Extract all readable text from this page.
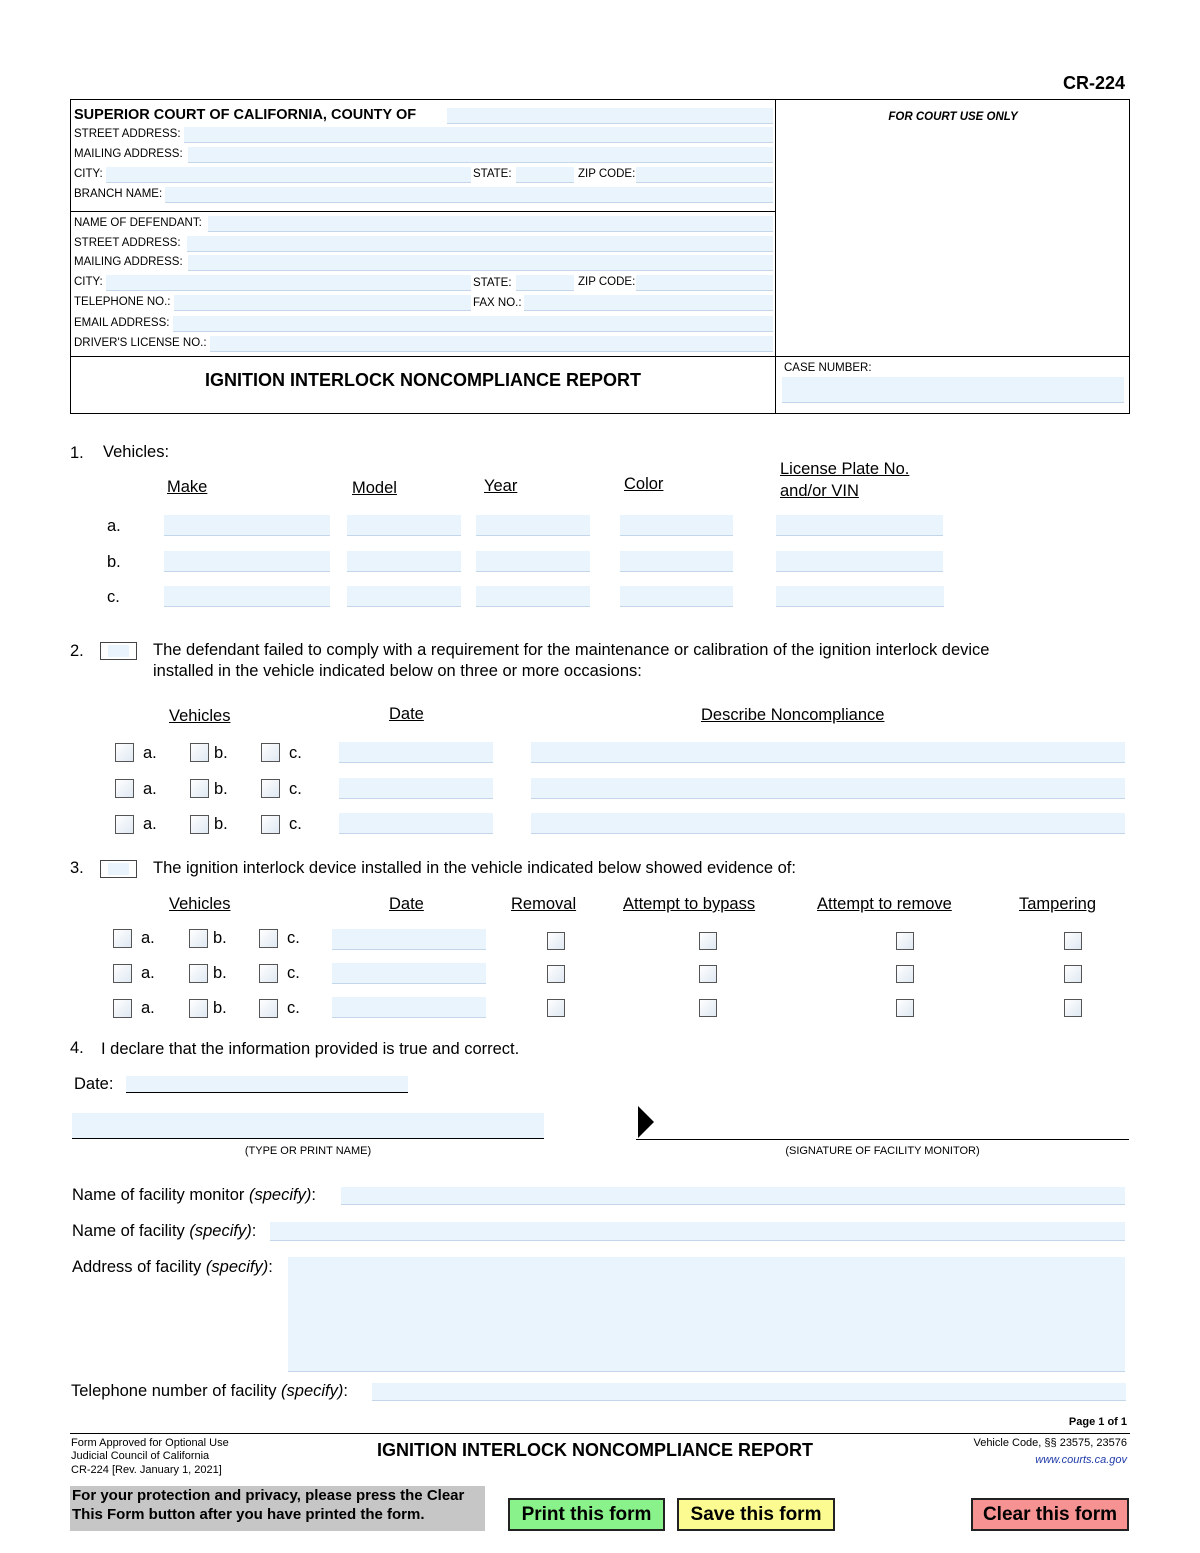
CR-224
SUPERIOR COURT OF CALIFORNIA, COUNTY OF
STREET ADDRESS:
MAILING ADDRESS:
CITY:	STATE:	ZIP CODE:
BRANCH NAME:
NAME OF DEFENDANT:
STREET ADDRESS:
MAILING ADDRESS:
CITY:	STATE:	ZIP CODE:
TELEPHONE NO.:	FAX NO.:
EMAIL ADDRESS:
DRIVER'S LICENSE NO.:
FOR COURT USE ONLY
CASE NUMBER:
IGNITION INTERLOCK NONCOMPLIANCE REPORT
1. Vehicles:
Make	Model	Year	Color
License Plate No.
and/or VIN
a.
b.
c.
2.	The defendant failed to comply with a requirement for the maintenance or calibration of the ignition interlock device
installed in the vehicle indicated below on three or more occasions:
Vehicles	Date	Describe Noncompliance
a.	b.	c.
a.	b.	c.
a.	b.	c.
3.	The ignition interlock device installed in the vehicle indicated below showed evidence of:
Vehicles	Date	Removal	Attempt to bypass	Attempt to remove	Tampering
a.	b.	c.
a.	b.	c.
a.	b.	c.
4. I declare that the information provided is true and correct.
Date:
(TYPE OR PRINT NAME)	(SIGNATURE OF FACILITY MONITOR)
Name of facility monitor (specify):
Name of facility (specify):
Address of facility (specify):
Telephone number of facility (specify):
Page 1 of 1
Form Approved for Optional Use
Judicial Council of California
CR-224 [Rev. January 1, 2021]
IGNITION INTERLOCK NONCOMPLIANCE REPORT	Vehicle Code, §§ 23575, 23576
www.courts.ca.gov
For your protection and privacy, please press the Clear
This Form button after you have printed the form.	Print this form	Save this form	Clear this form
